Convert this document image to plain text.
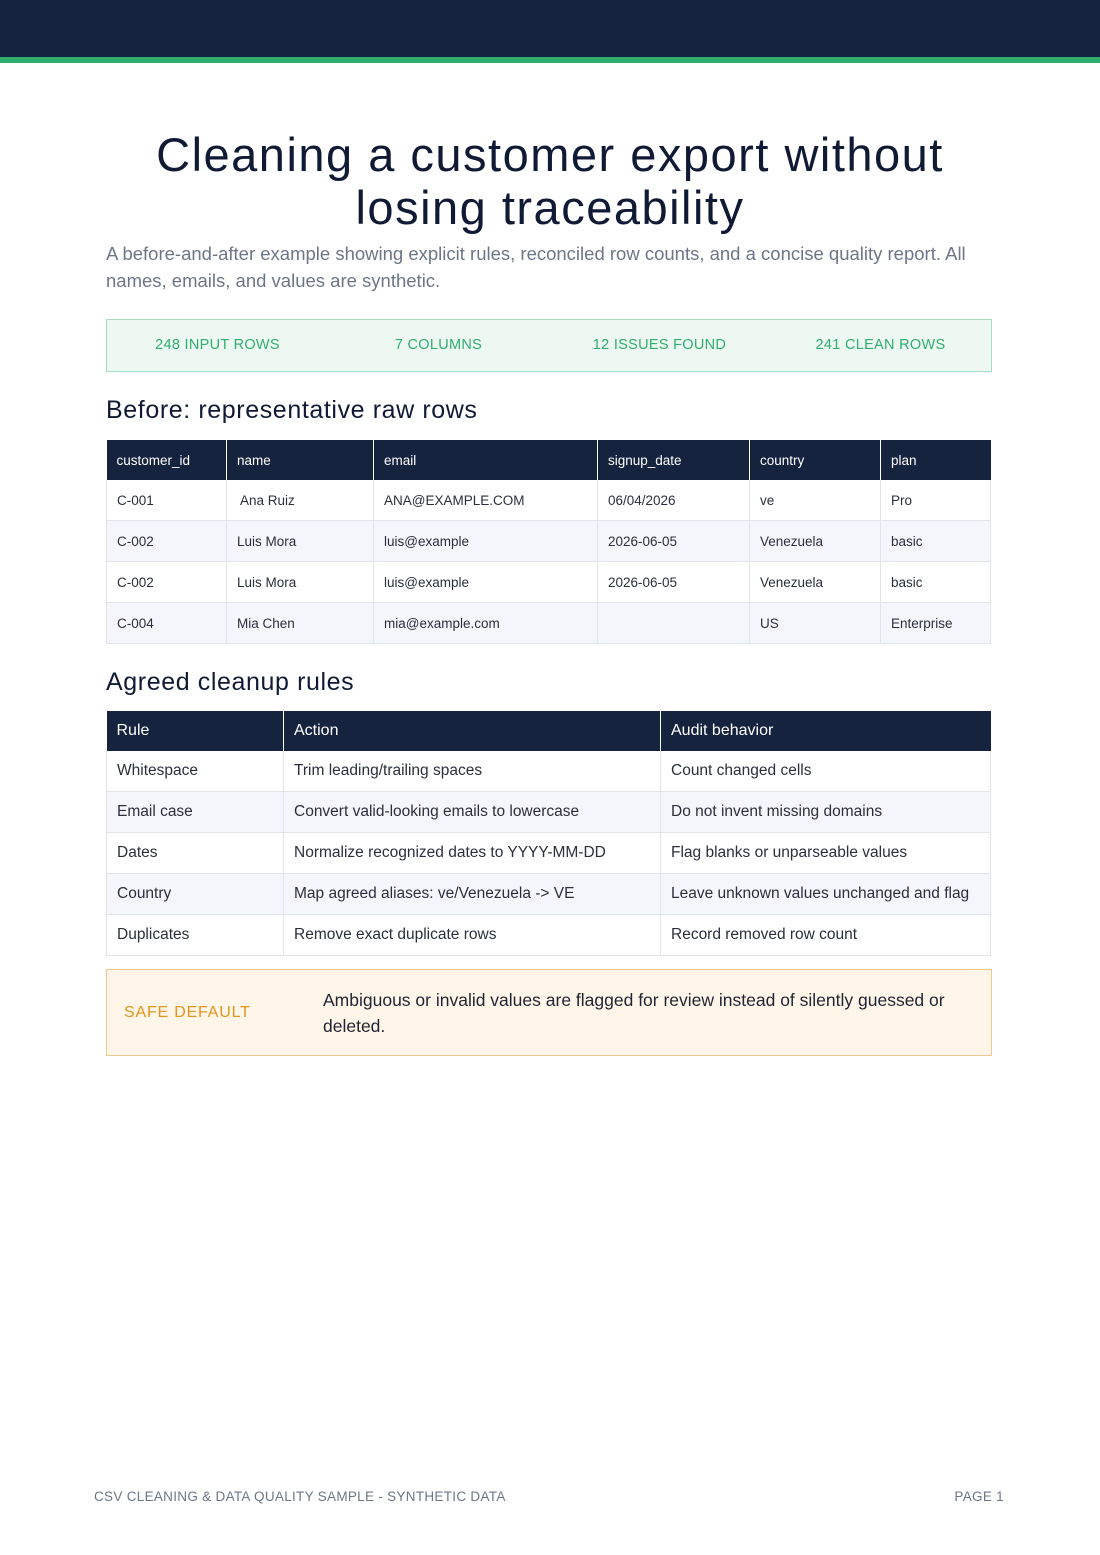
Cleaning a customer export without losing traceability

A before-and-after example showing explicit rules, reconciled row counts, and a concise quality report. All names, emails, and values are synthetic.

248 INPUT ROWS	7 COLUMNS	12 ISSUES FOUND	241 CLEAN ROWS
Before: representative raw rows
customer_id	name	email	signup_date	country	plan
C-001	Ana Ruiz	ANA@EXAMPLE.COM	06/04/2026	ve	Pro
C-002	Luis Mora	luis@example	2026-06-05	Venezuela	basic
C-002	Luis Mora	luis@example	2026-06-05	Venezuela	basic
C-004	Mia Chen	mia@example.com		US	Enterprise
Agreed cleanup rules
Rule	Action	Audit behavior
Whitespace	Trim leading/trailing spaces	Count changed cells
Email case	Convert valid-looking emails to lowercase	Do not invent missing domains
Dates	Normalize recognized dates to YYYY-MM-DD	Flag blanks or unparseable values
Country	Map agreed aliases: ve/Venezuela -> VE	Leave unknown values unchanged and flag
Duplicates	Remove exact duplicate rows	Record removed row count
SAFE DEFAULT
Ambiguous or invalid values are flagged for review instead of silently guessed or deleted.
CSV CLEANING & DATA QUALITY SAMPLE - SYNTHETIC DATA	PAGE 1
